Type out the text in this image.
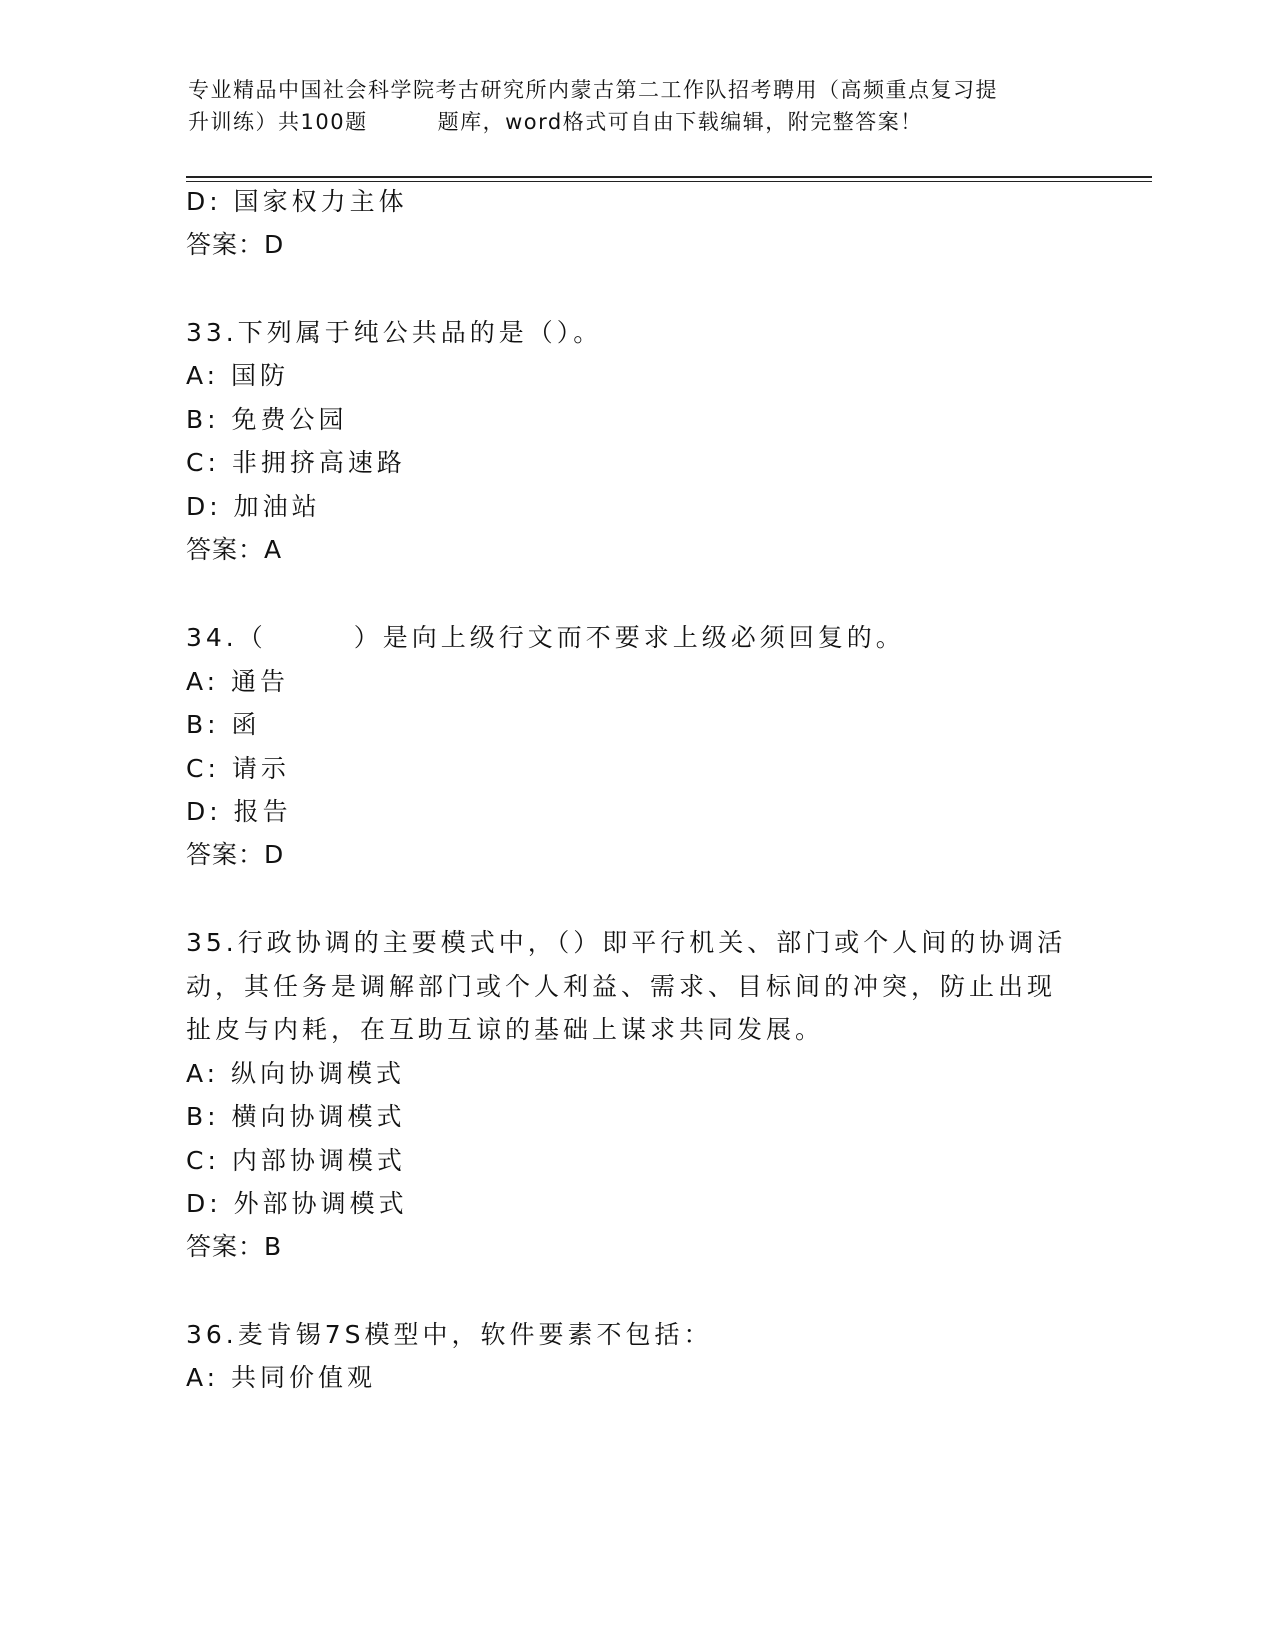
专业精品中国社会科学院考古研究所内蒙古第二工作队招考聘用（高频重点复习提
升训练）共100题	题库，word格式可自由下载编辑，附完整答案！
D: 国家权力主体
答案：D
33.下列属于纯公共品的是（）。
A: 国防
B: 免费公园
C: 非拥挤高速路
D: 加油站
答案：A
34.（　　　）是向上级行文而不要求上级必须回复的。
A: 通告
B: 函
C: 请示
D: 报告
答案：D
35.行政协调的主要模式中，（）即平行机关、部门或个人间的协调活
动，其任务是调解部门或个人利益、需求、目标间的冲突，防止出现
扯皮与内耗，在互助互谅的基础上谋求共同发展。
A: 纵向协调模式
B: 横向协调模式
C: 内部协调模式
D: 外部协调模式
答案：B
36.麦肯锡7S模型中，软件要素不包括：
A: 共同价值观
